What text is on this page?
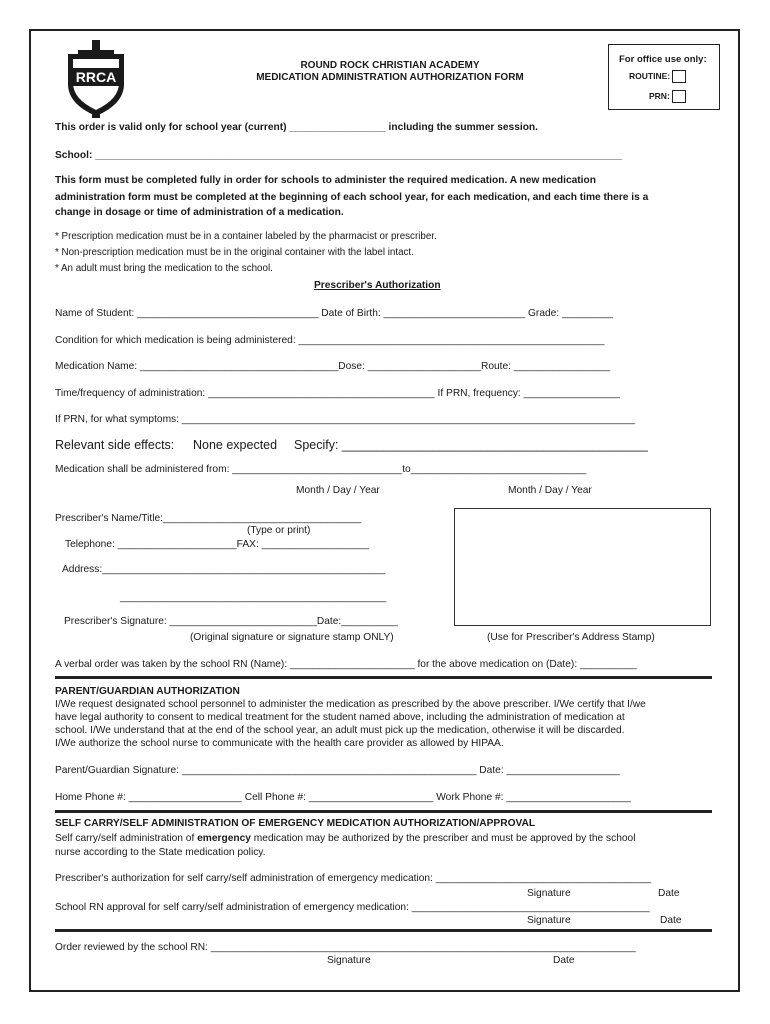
RRCA
ROUND ROCK CHRISTIAN ACADEMY
MEDICATION ADMINISTRATION AUTHORIZATION FORM
For office use only:
ROUTINE:
PRN:
This order is valid only for school year (current) _________________ including the summer session.
School: _____________________________________________________________________________________________
This form must be completed fully in order for schools to administer the required medication. A new medication
administration form must be completed at the beginning of each school year, for each medication, and each time there is a
change in dosage or time of administration of a medication.
* Prescription medication must be in a container labeled by the pharmacist or prescriber.
* Non-prescription medication must be in the original container with the label intact.
* An adult must bring the medication to the school.
Prescriber's Authorization
Name of Student: ________________________________ Date of Birth: _________________________ Grade: _________
Condition for which medication is being administered: ______________________________________________________
Medication Name: ___________________________________Dose: ____________________Route: _________________
Time/frequency of administration: ________________________________________ If PRN, frequency: _________________
If PRN, for what symptoms: ________________________________________________________________________________
Relevant side effects: None expected Specify: ____________________________________________
Medication shall be administered from: ______________________________to_______________________________
Month / Day / Year	Month / Day / Year
Prescriber's Name/Title:___________________________________
(Type or print)
Telephone: _____________________FAX: ___________________
Address:__________________________________________________
_______________________________________________
Prescriber's Signature: __________________________Date:__________
(Original signature or signature stamp ONLY)	(Use for Prescriber's Address Stamp)
A verbal order was taken by the school RN (Name): ______________________ for the above medication on (Date): __________
PARENT/GUARDIAN AUTHORIZATION
I/We request designated school personnel to administer the medication as prescribed by the above prescriber. I/We certify that I/we
have legal authority to consent to medical treatment for the student named above, including the administration of medication at
school. I/We understand that at the end of the school year, an adult must pick up the medication, otherwise it will be discarded.
I/We authorize the school nurse to communicate with the health care provider as allowed by HIPAA.
Parent/Guardian Signature: ____________________________________________________ Date: ____________________
Home Phone #: ____________________ Cell Phone #: ______________________ Work Phone #: ______________________
SELF CARRY/SELF ADMINISTRATION OF EMERGENCY MEDICATION AUTHORIZATION/APPROVAL
Self carry/self administration of emergency medication may be authorized by the prescriber and must be approved by the school
nurse according to the State medication policy.
Prescriber's authorization for self carry/self administration of emergency medication: ______________________________________
Signature	Date
School RN approval for self carry/self administration of emergency medication: __________________________________________
Signature	Date
Order reviewed by the school RN: ___________________________________________________________________________
Signature	Date
